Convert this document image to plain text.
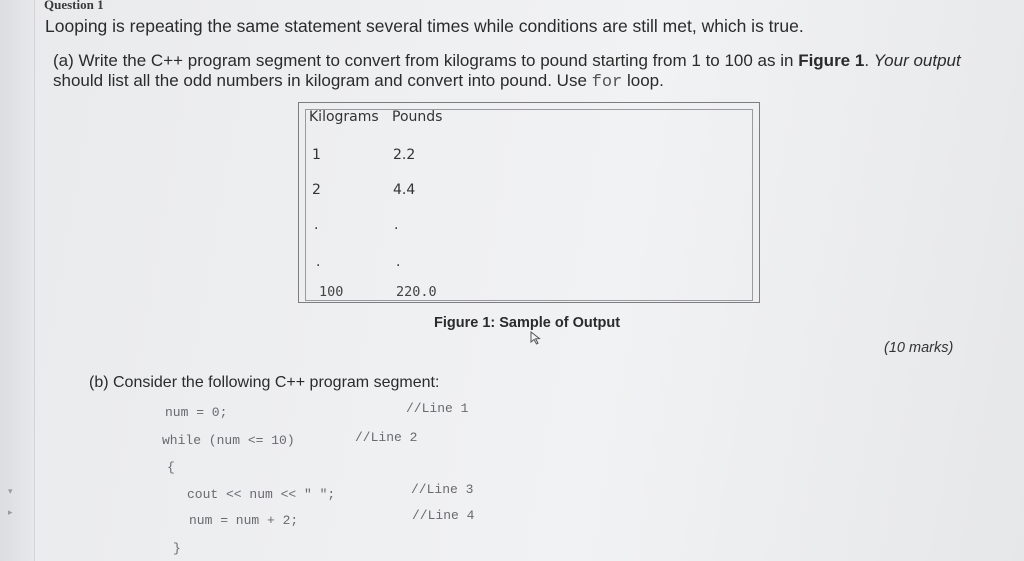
▾
▸
Question 1
Looping is repeating the same statement several times while conditions are still met, which is true.
(a) Write the C++ program segment to convert from kilograms to pound starting from 1 to 100 as in Figure 1. Your output
should list all the odd numbers in kilogram and convert into pound. Use for loop.
Kilograms Pounds
1	2.2
2	4.4
.	.
.	.
100	220.0
Figure 1: Sample of Output
(10 marks)
(b) Consider the following C++ program segment:
num = 0;	//Line 1
while (num <= 10)	//Line 2
{
cout << num << " ";	//Line 3
num = num + 2;	//Line 4
}
